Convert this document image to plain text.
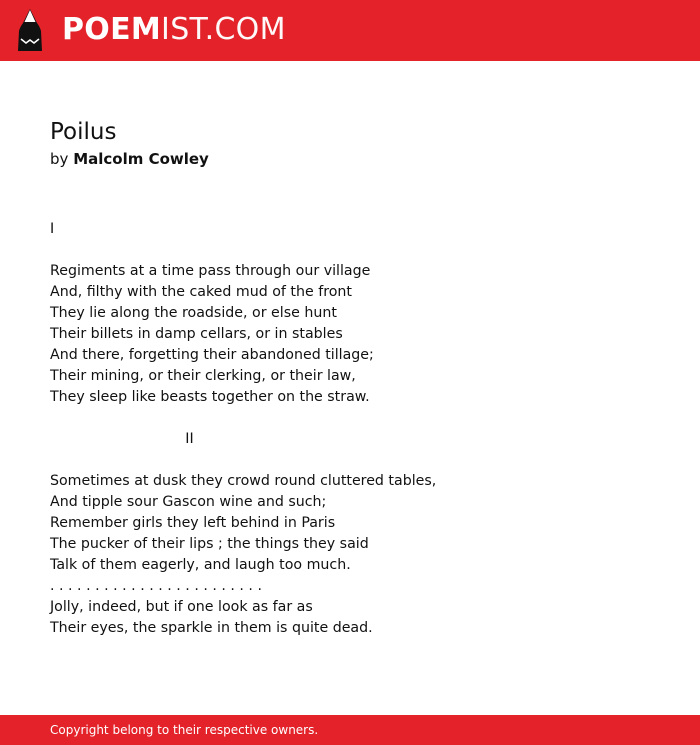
POEMIST.COM
Poilus
by Malcolm Cowley
I
Regiments at a time pass through our village
And, filthy with the caked mud of the front
They lie along the roadside, or else hunt
Their billets in damp cellars, or in stables
And there, forgetting their abandoned tillage;
Their mining, or their clerking, or their law,
They sleep like beasts together on the straw.
II
Sometimes at dusk they crowd round cluttered tables,
And tipple sour Gascon wine and such;
Remember girls they left behind in Paris
The pucker of their lips ; the things they said
Talk of them eagerly, and laugh too much.
. . . . . . . . . . . . . . . . . . . . . . . .
Jolly, indeed, but if one look as far as
Their eyes, the sparkle in them is quite dead.
Copyright belong to their respective owners.
